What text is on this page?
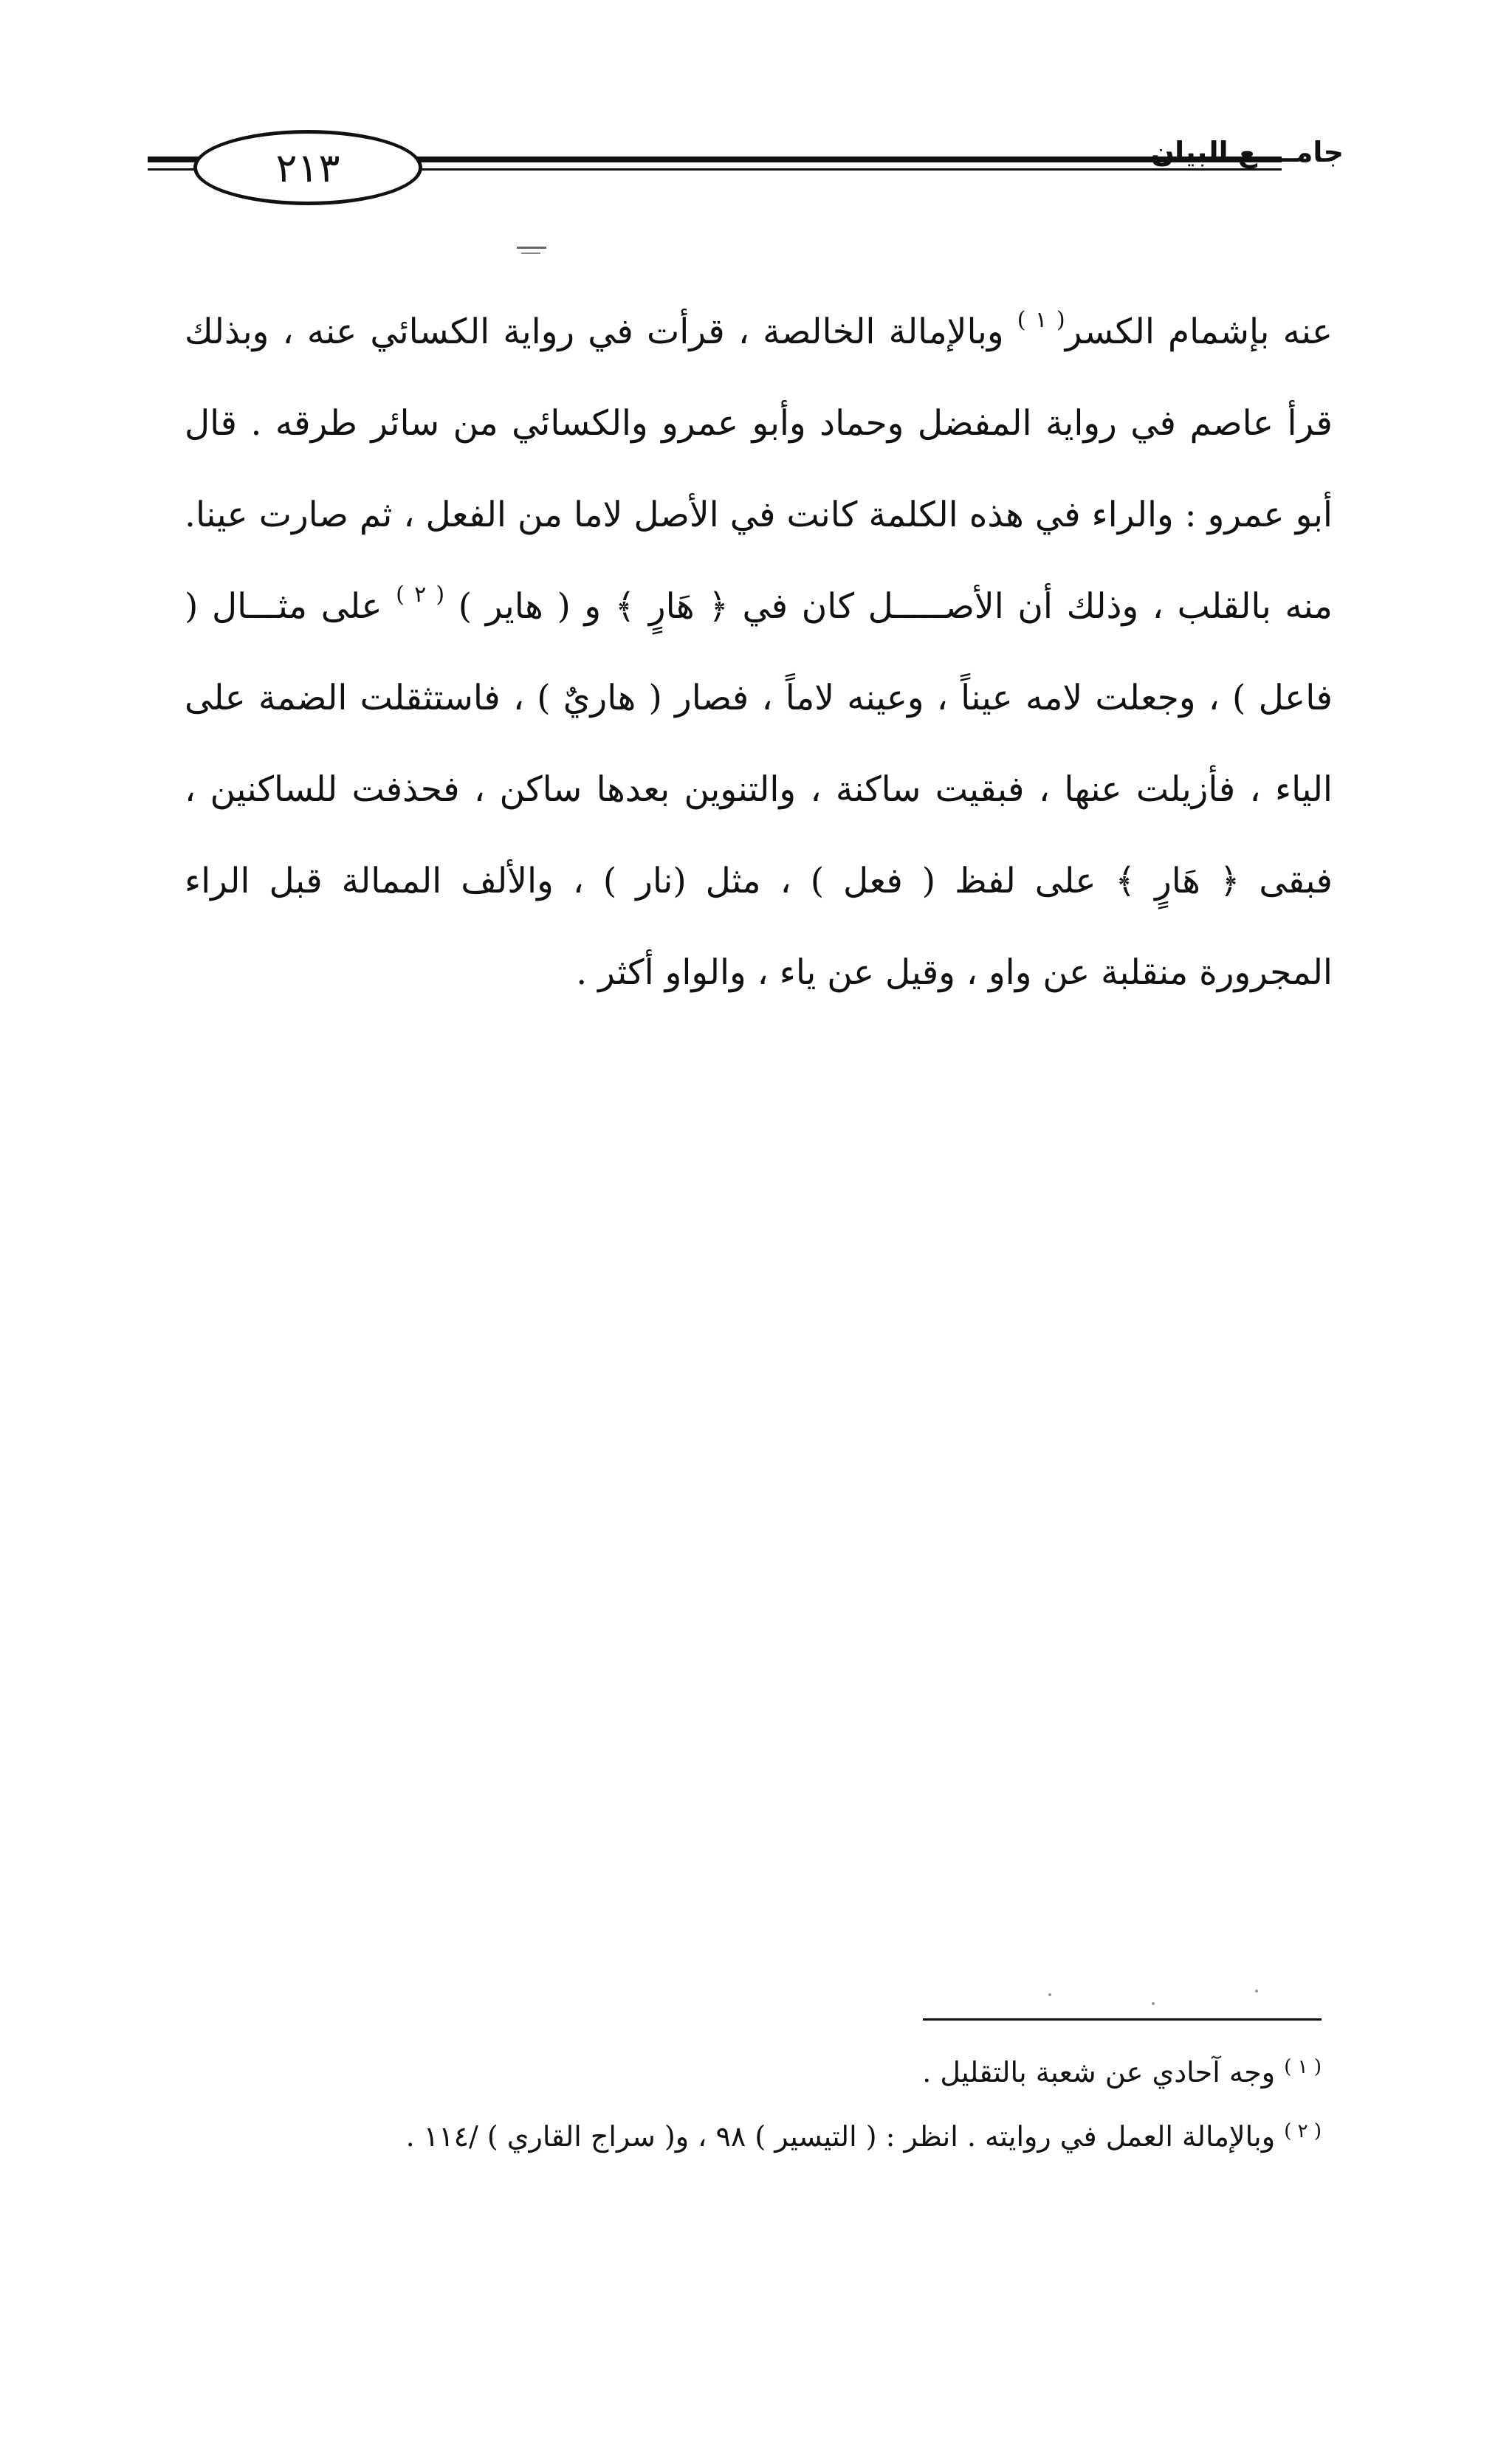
٢١٣	جامــــع البيان

عنه بإشمام الكسر$^{( ١ )}$ وبالإمالة الخالصة ، قرأت في رواية الكسائي عنه ، وبذلك قرأ عاصم في رواية المفضل وحماد وأبو عمرو والكسائي من سائر طرقه . قال أبو عمرو : والراء في هذه الكلمة كانت في الأصل لاما من الفعل ، ثم صارت عينا. منه بالقلب ، وذلك أن الأصـــــل كان في ﴿ هَارٍ ﴾ و ( هاير ) $^{( ٢ )}$ على مثـــال ( فاعل ) ، وجعلت لامه عيناً ، وعينه لاماً ، فصار ( هاريٌ ) ، فاستثقلت الضمة على الياء ، فأزيلت عنها ، فبقيت ساكنة ، والتنوين بعدها ساكن ، فحذفت للساكنين ، فبقى ﴿ هَارٍ ﴾ على لفظ ( فعل ) ، مثل (نار ) ، والألف الممالة قبل الراء المجرورة منقلبة عن واو ، وقيل عن ياء ، والواو أكثر .

$^{( ١ )}$ وجه آحادي عن شعبة بالتقليل .
$^{( ٢ )}$ وبالإمالة العمل في روايته . انظر : ( التيسير ) ٩٨ ، و( سراج القاري ) /١١٤ .
